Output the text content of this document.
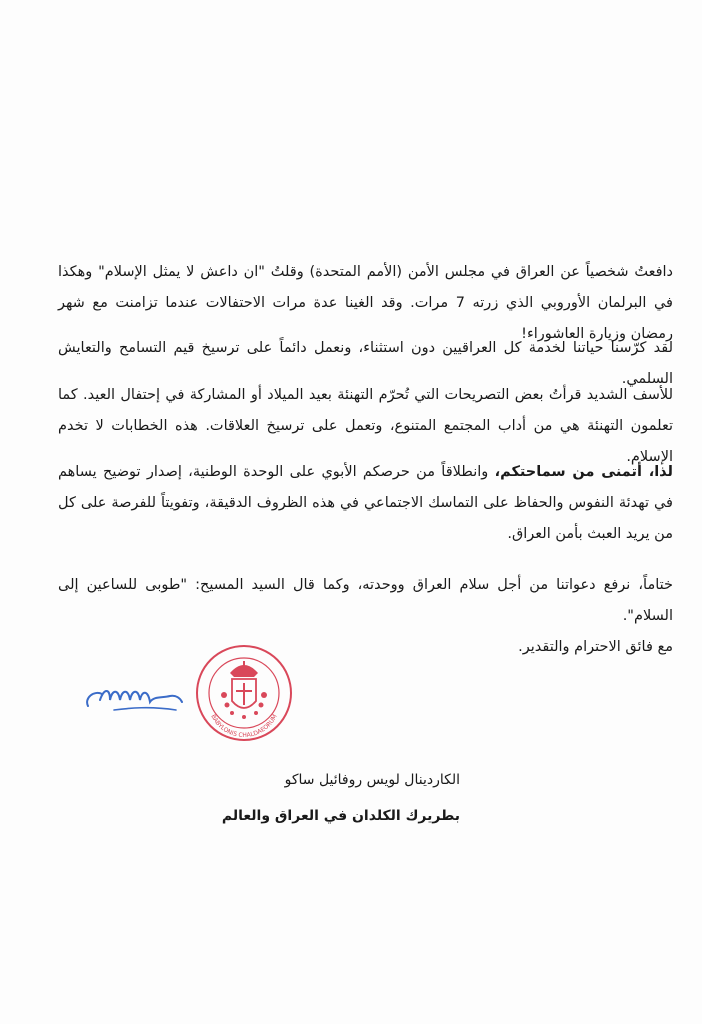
دافعتُ شخصياً عن العراق في مجلس الأمن (الأمم المتحدة) وقلتُ "ان داعش لا يمثل الإسلام" وهكذا في البرلمان الأوروبي الذي زرته 7 مرات. وقد الغينا عدة مرات الاحتفالات عندما تزامنت مع شهر رمضان وزيارة العاشوراء!

لقد كرّسنا حياتنا لخدمة كل العراقيين دون استثناء، ونعمل دائماً على ترسيخ قيم التسامح والتعايش السلمي.

للأسف الشديد قرأتُ بعض التصريحات التي تُحرّم التهنئة بعيد الميلاد أو المشاركة في إحتفال العيد. كما تعلمون التهنئة هي من أداب المجتمع المتنوع، وتعمل على ترسيخ العلاقات. هذه الخطابات لا تخدم الإسلام.

لذا، أتمنى من سماحتكم، وانطلاقاً من حرصكم الأبوي على الوحدة الوطنية، إصدار توضيح يساهم في تهدئة النفوس والحفاظ على التماسك الاجتماعي في هذه الظروف الدقيقة، وتفويتاً للفرصة على كل من يريد العبث بأمن العراق.

ختاماً، نرفع دعواتنا من أجل سلام العراق ووحدته، وكما قال السيد المسيح: "طوبى للساعين إلى السلام".

مع فائق الاحترام والتقدير.

BABYLONIS CHALDAEORUM
الكاردينال لويس روفائيل ساكو
بطريرك الكلدان في العراق والعالم
